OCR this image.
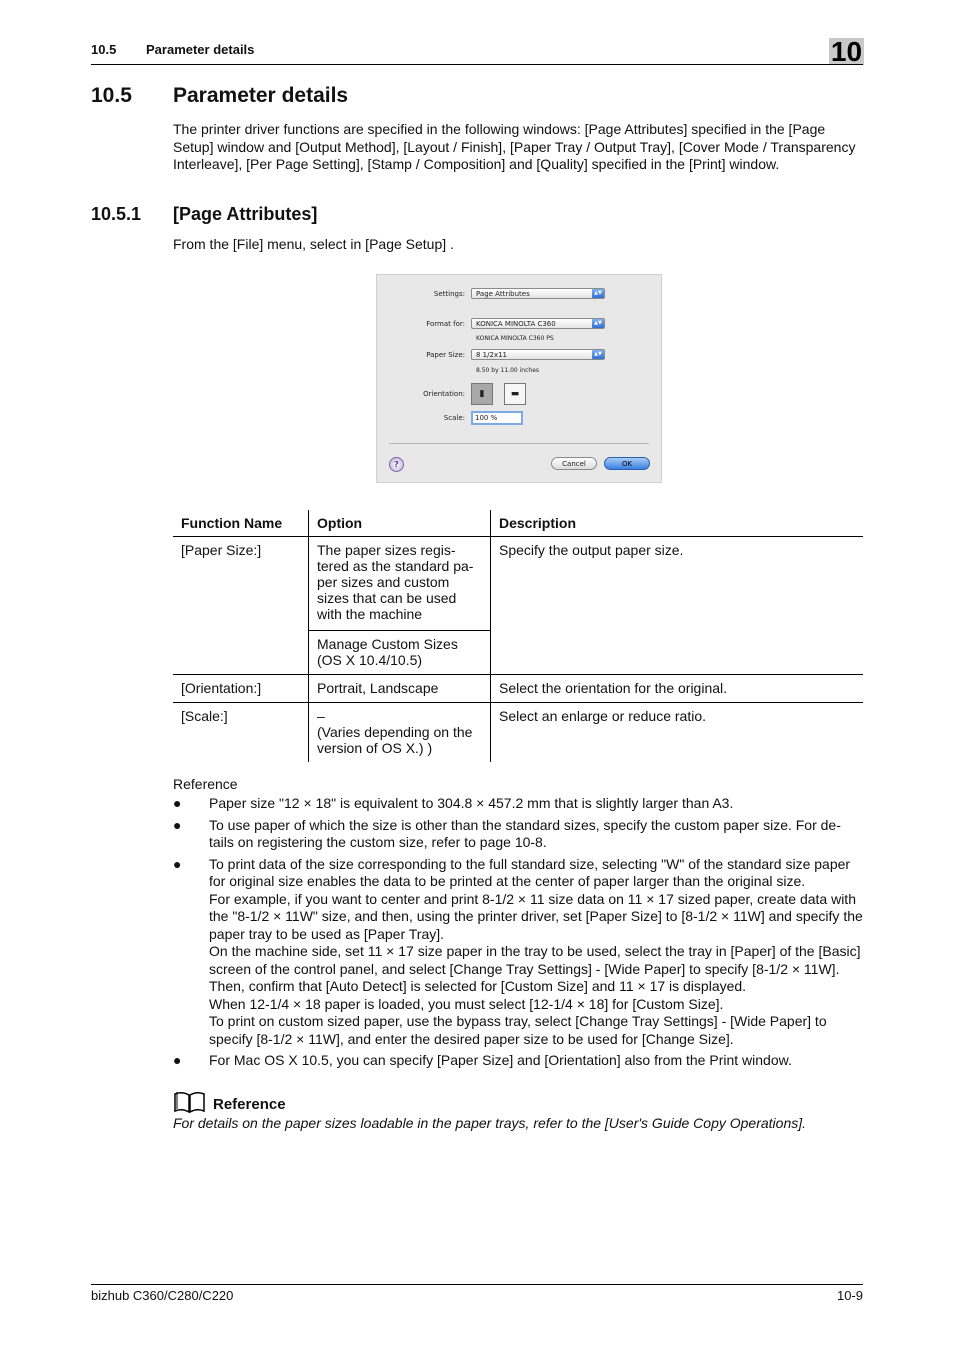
10.5 Parameter details	10
10.5 Parameter details
The printer driver functions are specified in the following windows: [Page Attributes] specified in the [Page Setup] window and [Output Method], [Layout / Finish], [Paper Tray / Output Tray], [Cover Mode / Transparency Interleave], [Per Page Setting], [Stamp / Composition] and [Quality] specified in the [Print] window.
10.5.1 [Page Attributes]
From the [File] menu, select in [Page Setup] .
Settings:	Page Attributes	▲▼
Format for:	KONICA MINOLTA C360	▲▼
KONICA MINOLTA C360 PS
Paper Size:	8 1/2x11	▲▼
8.50 by 11.00 inches
Orientation:	▮	▬
Scale:	100 %
?	Cancel	OK
Function Name	Option	Description
[Paper Size:]	The paper sizes regis-tered as the standard pa-per sizes and custom sizes that can be used with the machine	Specify the output paper size.
	Manage Custom Sizes (OS X 10.4/10.5)	
[Orientation:]	Portrait, Landscape	Select the orientation for the original.
[Scale:]	–
(Varies depending on the version of OS X.) )	Select an enlarge or reduce ratio.
Reference
● Paper size "12 × 18" is equivalent to 304.8 × 457.2 mm that is slightly larger than A3.

● To use paper of which the size is other than the standard sizes, specify the custom paper size. For de-tails on registering the custom size, refer to page 10-8.

● To print data of the size corresponding to the full standard size, selecting "W" of the standard size paper for original size enables the data to be printed at the center of paper larger than the original size.

For example, if you want to center and print 8-1/2 × 11 size data on 11 × 17 sized paper, create data with the "8-1/2 × 11W" size, and then, using the printer driver, set [Paper Size] to [8-1/2 × 11W] and specify the paper tray to be used as [Paper Tray].

On the machine side, set 11 × 17 size paper in the tray to be used, select the tray in [Paper] of the [Basic] screen of the control panel, and select [Change Tray Settings] - [Wide Paper] to specify [8-1/2 × 11W]. Then, confirm that [Auto Detect] is selected for [Custom Size] and 11 × 17 is displayed.

When 12-1/4 × 18 paper is loaded, you must select [12-1/4 × 18] for [Custom Size].

To print on custom sized paper, use the bypass tray, select [Change Tray Settings] - [Wide Paper] to specify [8-1/2 × 11W], and enter the desired paper size to be used for [Change Size].

● For Mac OS X 10.5, you can specify [Paper Size] and [Orientation] also from the Print window.

Reference
For details on the paper sizes loadable in the paper trays, refer to the [User's Guide Copy Operations].
bizhub C360/C280/C220	10-9
